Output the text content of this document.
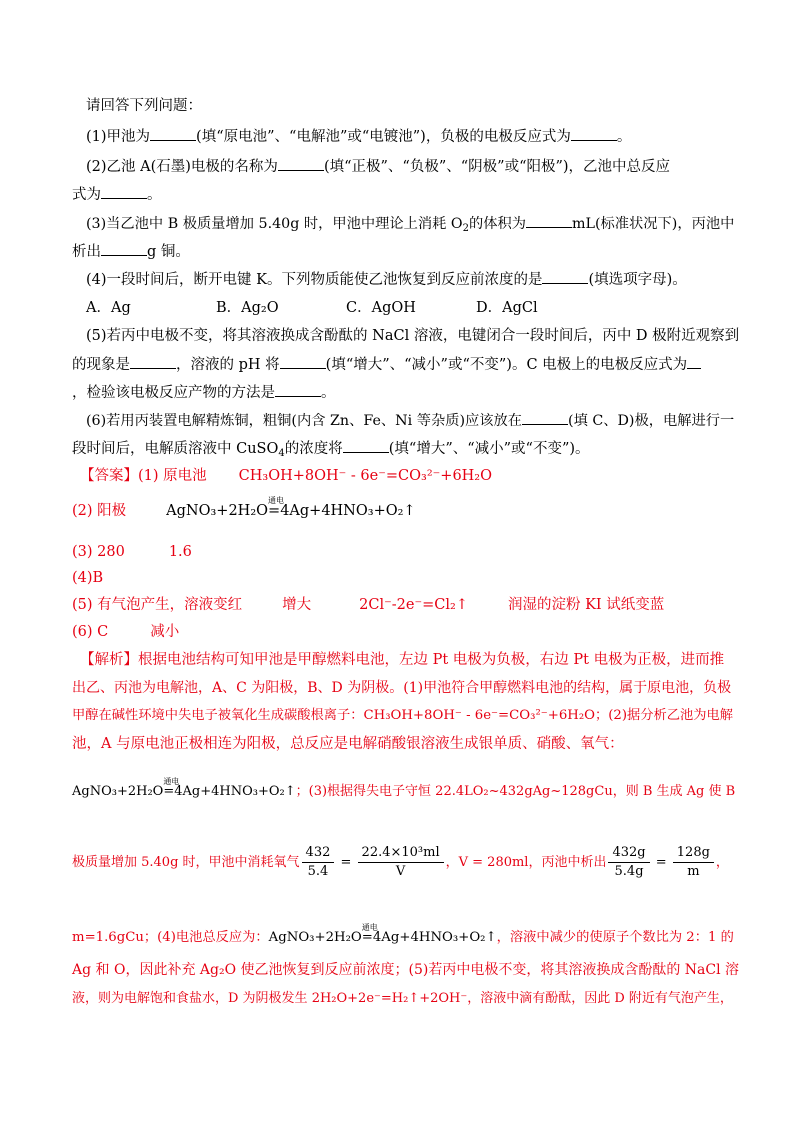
请回答下列问题：
(1)甲池为	(填“原电池”、“电解池”或“电镀池”)，负极的电极反应式为	。
(2)乙池 A(石墨)电极的名称为	(填“正极”、“负极”、“阴极”或“阳极”)，乙池中总反应
式为	。
(3)当乙池中 B 极质量增加 5.40g 时，甲池中理论上消耗 $O_2$的体积为	mL(标准状况下)，丙池中
析出	g 铜。
(4)一段时间后，断开电键 K。下列物质能使乙池恢复到反应前浓度的是	(填选项字母)。
A．Ag	B．Ag₂O	C．AgOH	D．AgCl
(5)若丙中电极不变，将其溶液换成含酚酞的 NaCl 溶液，电键闭合一段时间后，丙中 D 极附近观察到
的现象是	，溶液的 pH 将	(填“增大”、“减小”或“不变”)。C 电极上的电极反应式为
，检验该电极反应产物的方法是	。
(6)若用丙装置电解精炼铜，粗铜(内含 Zn、Fe、Ni 等杂质)应该放在	(填 C、D)极，电解进行一
段时间后，电解质溶液中 CuSO$_4$的浓度将	(填“增大”、“减小”或“不变”)。
【答案】(1) 原电池 CH₃OH+8OH⁻ - 6e⁻=CO₃²⁻+6H₂O
(2) 阳极	AgNO₃+2H₂O
通电
=4Ag+4HNO₃+O₂↑
(3) 280	1.6
(4)B
(5) 有气泡产生，溶液变红	增大	2Cl⁻-2e⁻=Cl₂↑	润湿的淀粉 KI 试纸变蓝
(6) C	减小
【解析】根据电池结构可知甲池是甲醇燃料电池，左边 Pt 电极为负极，右边 Pt 电极为正极，进而推
出乙、丙池为电解池，A、C 为阳极，B、D 为阴极。(1)甲池符合甲醇燃料电池的结构，属于原电池，负极
甲醇在碱性环境中失电子被氧化生成碳酸根离子：CH₃OH+8OH⁻ - 6e⁻=CO₃²⁻+6H₂O；(2)据分析乙池为电解
池，A 与原电池正极相连为阳极，总反应是电解硝酸银溶液生成银单质、硝酸、氧气：
AgNO₃+2H₂O
通电
=4Ag+4HNO₃+O₂↑；(3)根据得失电子守恒 22.4LO₂~432gAg~128gCu，则 B 生成 Ag 使 B
极质量增加 5.40g 时，甲池中消耗氧气 $\frac{432}{5.4} = \frac{\text{22.4×10³ml}}{V}$ ，V = 280ml，丙池中析出 $\frac{432g}{5.4g} = \frac{128g}{m}$ ，
m=1.6gCu；(4)电池总反应为：AgNO₃+2H₂O
通电
=4Ag+4HNO₃+O₂↑，溶液中减少的使原子个数比为 2：1 的
Ag 和 O，因此补充 Ag₂O 使乙池恢复到反应前浓度；(5)若丙中电极不变，将其溶液换成含酚酞的 NaCl 溶
液，则为电解饱和食盐水，D 为阴极发生 2H₂O+2e⁻=H₂↑+2OH⁻，溶液中滴有酚酞，因此 D 附近有气泡产生，
